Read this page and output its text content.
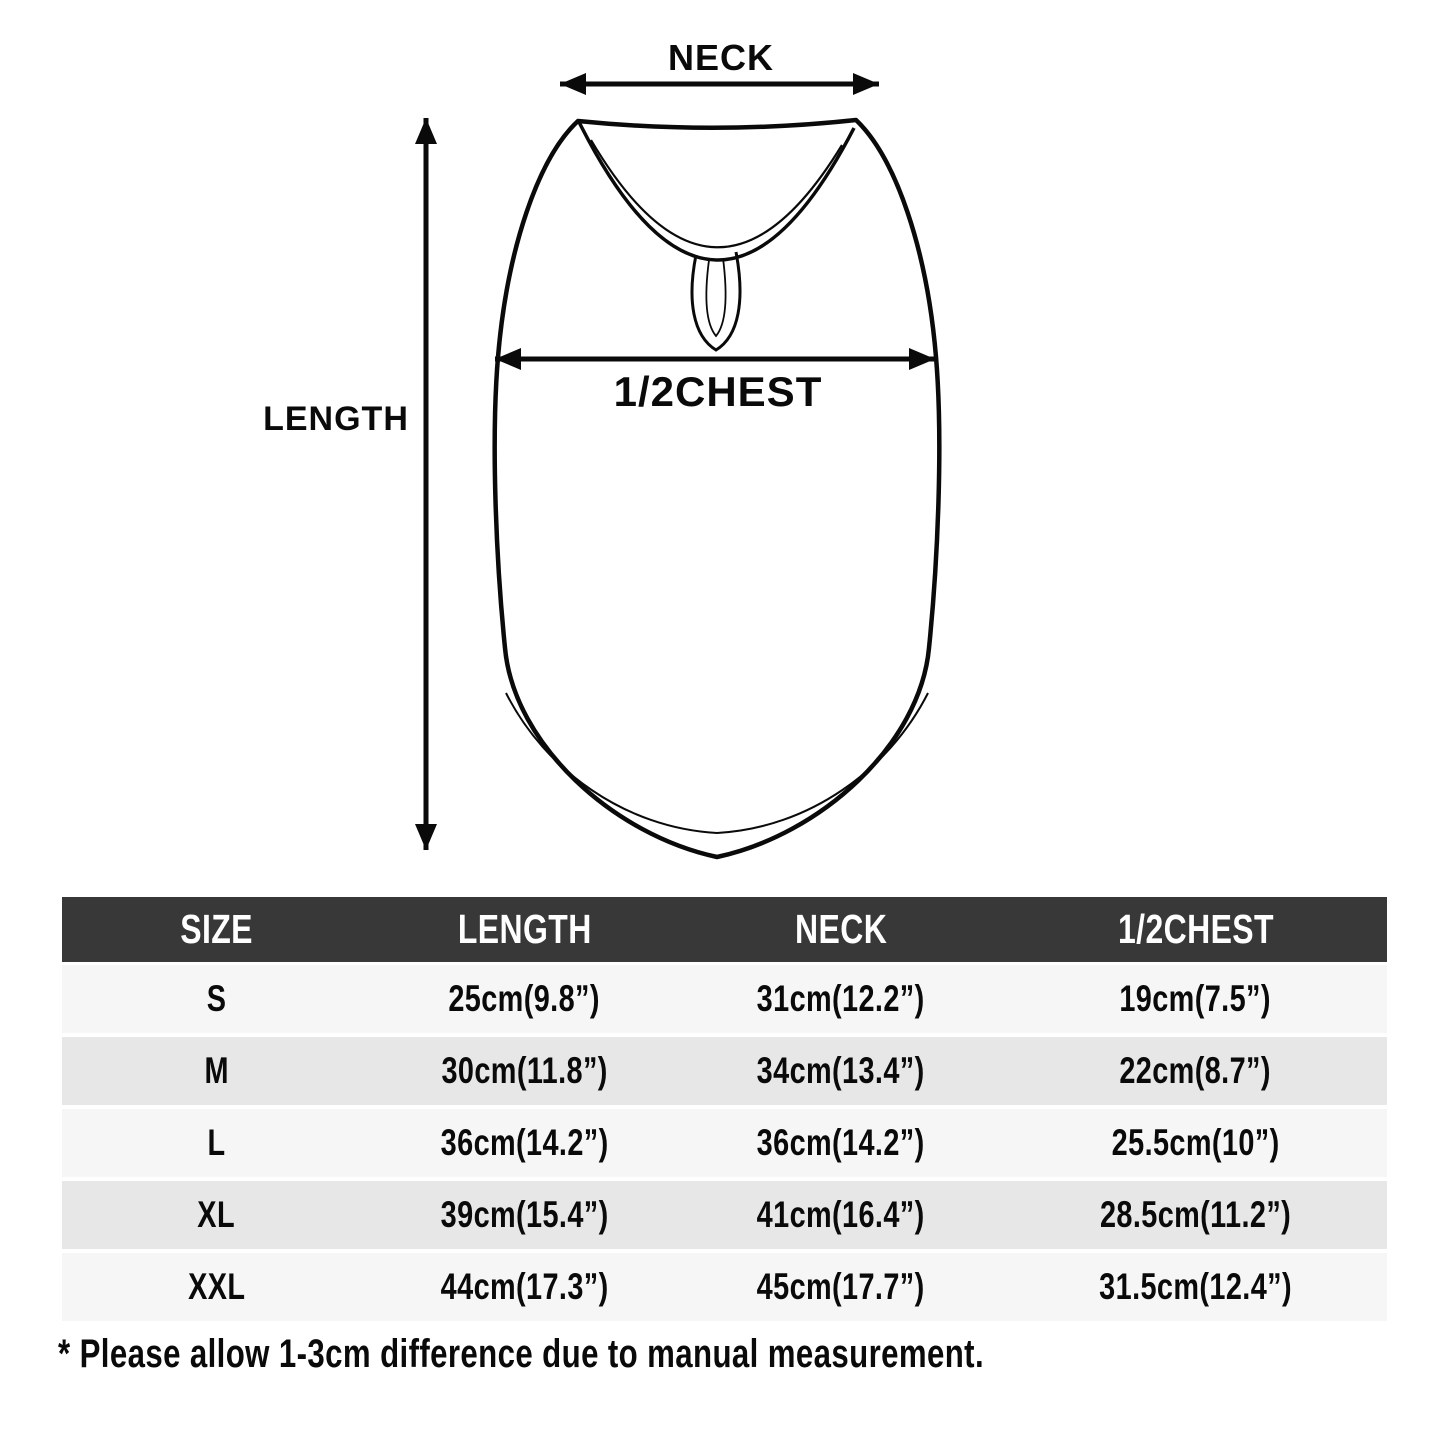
NECK
LENGTH
1/2CHEST
SIZE	LENGTH	NECK	1/2CHEST
S	25cm(9.8”)	31cm(12.2”)	19cm(7.5”)
M	30cm(11.8”)	34cm(13.4”)	22cm(8.7”)
L	36cm(14.2”)	36cm(14.2”)	25.5cm(10”)
XL	39cm(15.4”)	41cm(16.4”)	28.5cm(11.2”)
XXL	44cm(17.3”)	45cm(17.7”)	31.5cm(12.4”)
* Please allow 1-3cm difference due to manual measurement.
